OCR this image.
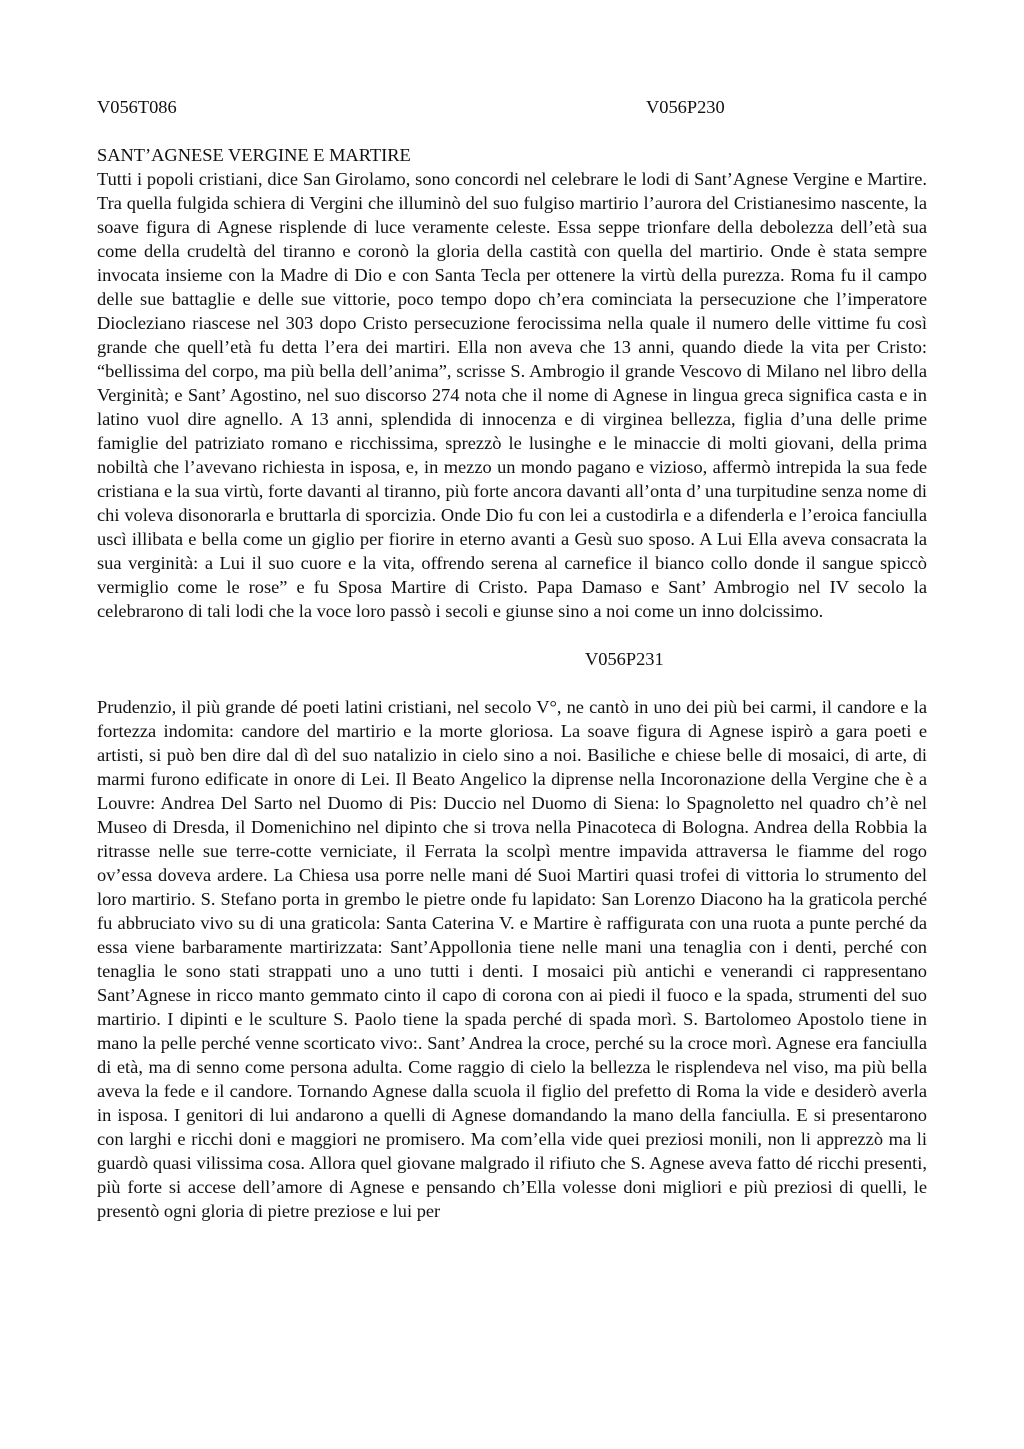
V056T086	V056P230
SANT’AGNESE VERGINE E MARTIRE

Tutti i popoli cristiani, dice San Girolamo, sono concordi nel celebrare le lodi di Sant’Agnese Vergine e Martire. Tra quella fulgida schiera di Vergini che illuminò del suo fulgiso martirio l’aurora del Cristianesimo nascente, la soave figura di Agnese risplende di luce veramente celeste. Essa seppe trionfare della debolezza dell’età sua come della crudeltà del tiranno e coronò la gloria della castità con quella del martirio. Onde è stata sempre invocata insieme con la Madre di Dio e con Santa Tecla per ottenere la virtù della purezza. Roma fu il campo delle sue battaglie e delle sue vittorie, poco tempo dopo ch’era cominciata la persecuzione che l’imperatore Diocleziano riascese nel 303 dopo Cristo persecuzione ferocissima nella quale il numero delle vittime fu così grande che quell’età fu detta l’era dei martiri. Ella non aveva che 13 anni, quando diede la vita per Cristo: “bellissima del corpo, ma più bella dell’anima”, scrisse S. Ambrogio il grande Vescovo di Milano nel libro della Verginità; e Sant’ Agostino, nel suo discorso 274 nota che il nome di Agnese in lingua greca significa casta e in latino vuol dire agnello. A 13 anni, splendida di innocenza e di virginea bellezza, figlia d’una delle prime famiglie del patriziato romano e ricchissima, sprezzò le lusinghe e le minaccie di molti giovani, della prima nobiltà che l’avevano richiesta in isposa, e, in mezzo un mondo pagano e vizioso, affermò intrepida la sua fede cristiana e la sua virtù, forte davanti al tiranno, più forte ancora davanti all’onta d’ una turpitudine senza nome di chi voleva disonorarla e bruttarla di sporcizia. Onde Dio fu con lei a custodirla e a difenderla e l’eroica fanciulla uscì illibata e bella come un giglio per fiorire in eterno avanti a Gesù suo sposo. A Lui Ella aveva consacrata la sua verginità: a Lui il suo cuore e la vita, offrendo serena al carnefice il bianco collo donde il sangue spiccò vermiglio come le rose” e fu Sposa Martire di Cristo. Papa Damaso e Sant’ Ambrogio nel IV secolo la celebrarono di tali lodi che la voce loro passò i secoli e giunse sino a noi come un inno dolcissimo.

V056P231

Prudenzio, il più grande dé poeti latini cristiani, nel secolo V°, ne cantò in uno dei più bei carmi, il candore e la fortezza indomita: candore del martirio e la morte gloriosa. La soave figura di Agnese ispirò a gara poeti e artisti, si può ben dire dal dì del suo natalizio in cielo sino a noi. Basiliche e chiese belle di mosaici, di arte, di marmi furono edificate in onore di Lei. Il Beato Angelico la diprense nella Incoronazione della Vergine che è a Louvre: Andrea Del Sarto nel Duomo di Pis: Duccio nel Duomo di Siena: lo Spagnoletto nel quadro ch’è nel Museo di Dresda, il Domenichino nel dipinto che si trova nella Pinacoteca di Bologna. Andrea della Robbia la ritrasse nelle sue terre-cotte verniciate, il Ferrata la scolpì mentre impavida attraversa le fiamme del rogo ov’essa doveva ardere. La Chiesa usa porre nelle mani dé Suoi Martiri quasi trofei di vittoria lo strumento del loro martirio. S. Stefano porta in grembo le pietre onde fu lapidato: San Lorenzo Diacono ha la graticola perché fu abbruciato vivo su di una graticola: Santa Caterina V. e Martire è raffigurata con una ruota a punte perché da essa viene barbaramente martirizzata: Sant’Appollonia tiene nelle mani una tenaglia con i denti, perché con tenaglia le sono stati strappati uno a uno tutti i denti. I mosaici più antichi e venerandi ci rappresentano Sant’Agnese in ricco manto gemmato cinto il capo di corona con ai piedi il fuoco e la spada, strumenti del suo martirio. I dipinti e le sculture S. Paolo tiene la spada perché di spada morì. S. Bartolomeo Apostolo tiene in mano la pelle perché venne scorticato vivo:. Sant’ Andrea la croce, perché su la croce morì. Agnese era fanciulla di età, ma di senno come persona adulta. Come raggio di cielo la bellezza le risplendeva nel viso, ma più bella aveva la fede e il candore. Tornando Agnese dalla scuola il figlio del prefetto di Roma la vide e desiderò averla in isposa. I genitori di lui andarono a quelli di Agnese domandando la mano della fanciulla. E si presentarono con larghi e ricchi doni e maggiori ne promisero. Ma com’ella vide quei preziosi monili, non li apprezzò ma li guardò quasi vilissima cosa. Allora quel giovane malgrado il rifiuto che S. Agnese aveva fatto dé ricchi presenti, più forte si accese dell’amore di Agnese e pensando ch’Ella volesse doni migliori e più preziosi di quelli, le presentò ogni gloria di pietre preziose e lui per
